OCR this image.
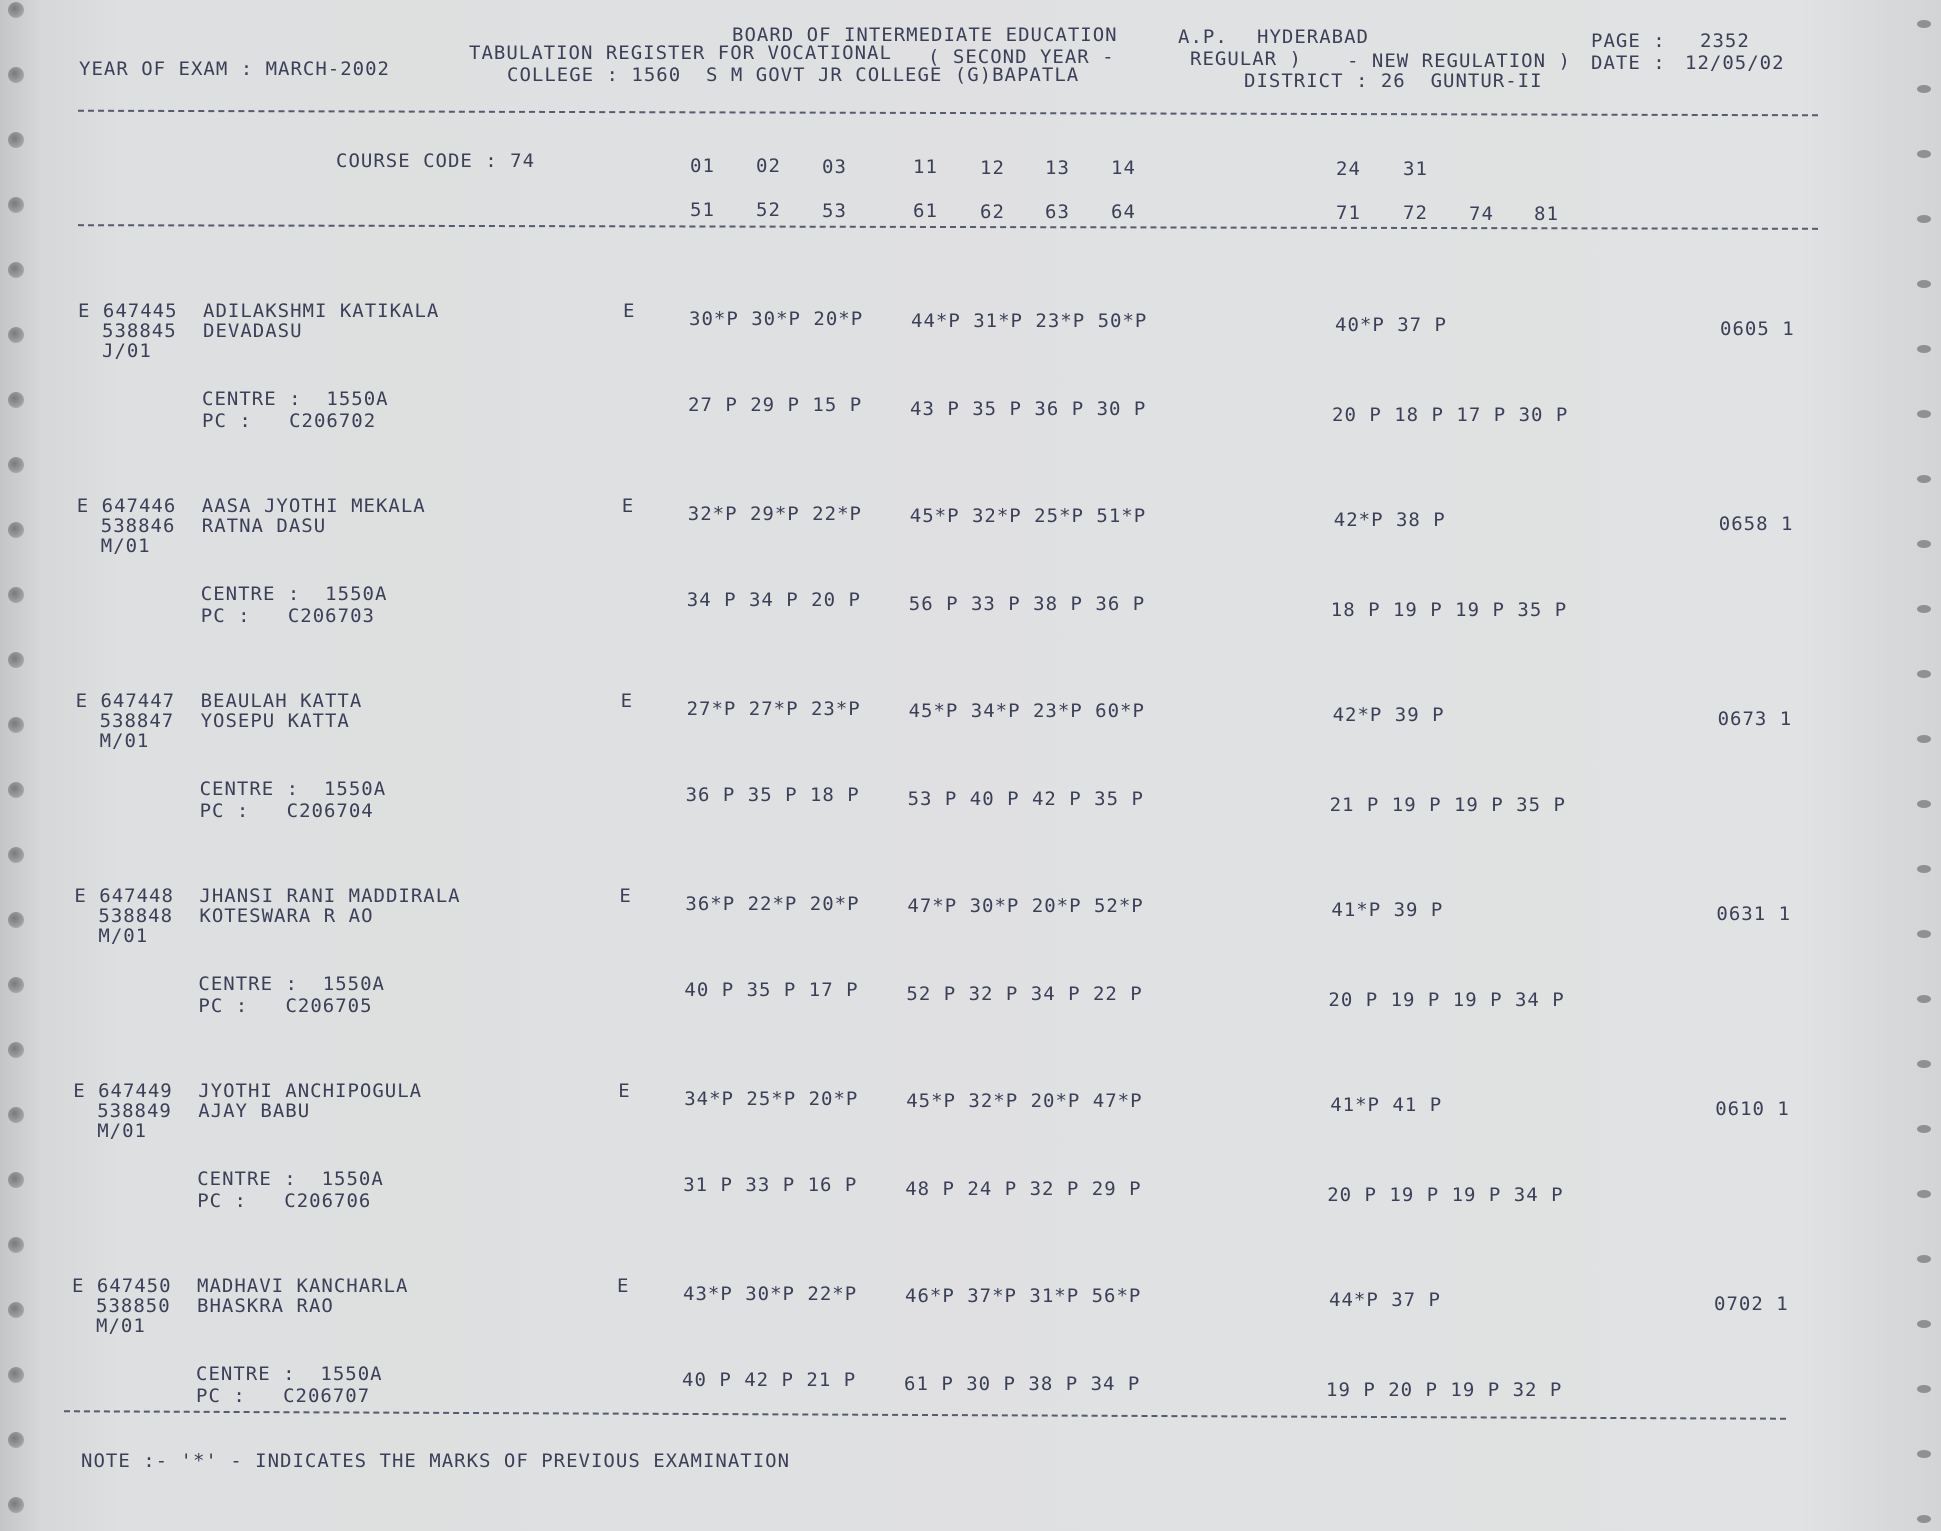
BOARD OF INTERMEDIATE EDUCATION	A.P. HYDERABAD	PAGE : 2352
YEAR OF EXAM : MARCH-2002
TABULATION REGISTER FOR VOCATIONAL ( SECOND YEAR -	REGULAR ) - NEW REGULATION ) DATE : 12/05/02
COLLEGE : 1560  S M GOVT JR COLLEGE (G)BAPATLA	DISTRICT : 26  GUNTUR-II
COURSE CODE : 74	01 02 03	11 12 13 14	24 31
51 52 53	61 62 63 64	71 72 74 81
E 647445 ADILAKSHMI KATIKALA	E	30*P 30*P 20*P	44*P 31*P 23*P 50*P	40*P 37 P	0605 1
538845 DEVADASU
J/01
CENTRE :  1550A
PC :   C206702
27 P 29 P 15 P	43 P 35 P 36 P 30 P	20 P 18 P 17 P 30 P
E 647446 AASA JYOTHI MEKALA	E	32*P 29*P 22*P	45*P 32*P 25*P 51*P	42*P 38 P	0658 1
538846 RATNA DASU
M/01
CENTRE :  1550A
PC :   C206703
34 P 34 P 20 P	56 P 33 P 38 P 36 P	18 P 19 P 19 P 35 P
E 647447 BEAULAH KATTA	E	27*P 27*P 23*P	45*P 34*P 23*P 60*P	42*P 39 P	0673 1
538847 YOSEPU KATTA
M/01
CENTRE :  1550A
PC :   C206704
36 P 35 P 18 P	53 P 40 P 42 P 35 P	21 P 19 P 19 P 35 P
E 647448 JHANSI RANI MADDIRALA	E	36*P 22*P 20*P	47*P 30*P 20*P 52*P	41*P 39 P	0631 1
538848 KOTESWARA R AO
M/01
CENTRE :  1550A
PC :   C206705
40 P 35 P 17 P	52 P 32 P 34 P 22 P	20 P 19 P 19 P 34 P
E 647449 JYOTHI ANCHIPOGULA	E	34*P 25*P 20*P	45*P 32*P 20*P 47*P	41*P 41 P	0610 1
538849 AJAY BABU
M/01
CENTRE :  1550A
PC :   C206706
31 P 33 P 16 P	48 P 24 P 32 P 29 P	20 P 19 P 19 P 34 P
E 647450 MADHAVI KANCHARLA	E	43*P 30*P 22*P	46*P 37*P 31*P 56*P	44*P 37 P	0702 1
538850 BHASKRA RAO
M/01
CENTRE :  1550A
PC :   C206707
40 P 42 P 21 P	61 P 30 P 38 P 34 P	19 P 20 P 19 P 32 P
NOTE :- '*' - INDICATES THE MARKS OF PREVIOUS EXAMINATION
